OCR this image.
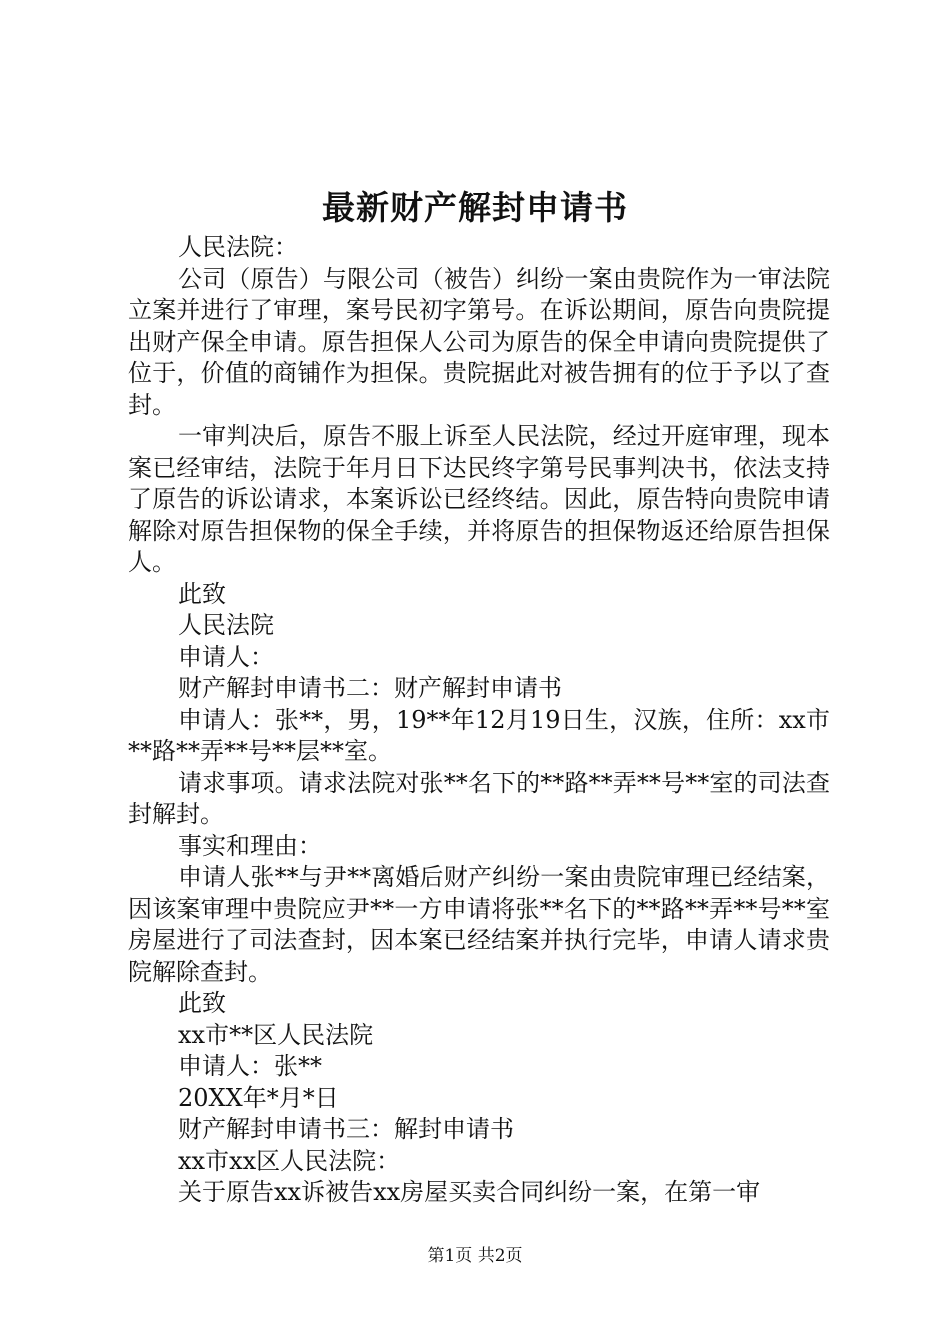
最新财产解封申请书

人民法院：

公司（原告）与限公司（被告）纠纷一案由贵院作为一审法院立案并进行了审理，案号民初字第号。在诉讼期间，原告向贵院提出财产保全申请。原告担保人公司为原告的保全申请向贵院提供了位于，价值的商铺作为担保。贵院据此对被告拥有的位于予以了查封。

一审判决后，原告不服上诉至人民法院，经过开庭审理，现本案已经审结，法院于年月日下达民终字第号民事判决书，依法支持了原告的诉讼请求，本案诉讼已经终结。因此，原告特向贵院申请解除对原告担保物的保全手续，并将原告的担保物返还给原告担保人。

此致

人民法院

申请人：

财产解封申请书二：财产解封申请书

申请人：张**，男，19**年12月19日生，汉族，住所：xx市**路**弄**号**层**室。

请求事项。请求法院对张**名下的**路**弄**号**室的司法查封解封。

事实和理由：

申请人张**与尹**离婚后财产纠纷一案由贵院审理已经结案，因该案审理中贵院应尹**一方申请将张**名下的**路**弄**号**室房屋进行了司法查封，因本案已经结案并执行完毕，申请人请求贵院解除查封。

此致

xx市**区人民法院

申请人：张**

20XX年*月*日

财产解封申请书三：解封申请书

xx市xx区人民法院：

关于原告xx诉被告xx房屋买卖合同纠纷一案，在第一审

第1页 共2页
